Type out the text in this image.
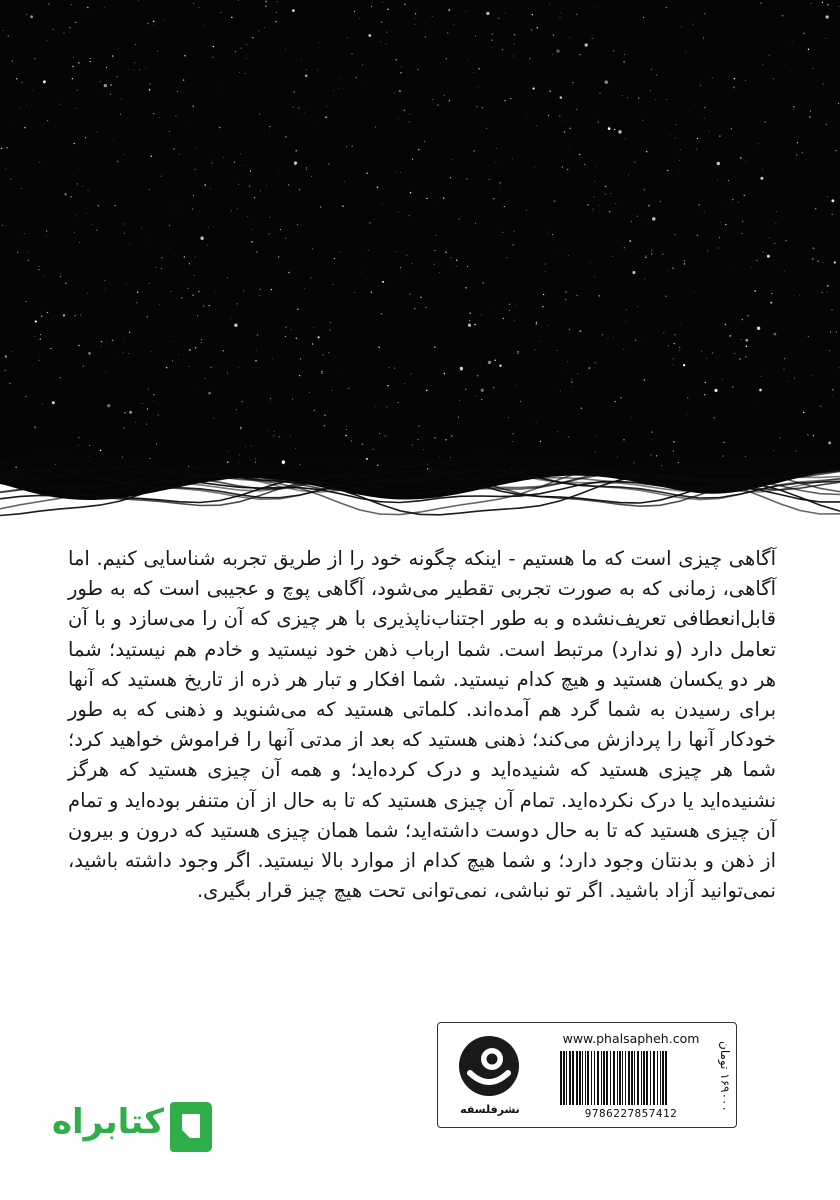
آگاهی چیزی است که ما هستیم - اینکه چگونه خود را از طریق تجربه شناسایی کنیم. اما آگاهی، زمانی که به صورت تجربی تقطیر می‌شود، آگاهی پوچ و عجیبی است که به طور قابل‌انعطافی تعریف‌نشده و به طور اجتناب‌ناپذیری با هر چیزی که آن را می‌سازد و با آن تعامل دارد (و ندارد) مرتبط است. شما ارباب ذهن خود نیستید و خادم هم نیستید؛ شما هر دو یکسان هستید و هیچ کدام نیستید. شما افکار و تبار هر ذره از تاریخ هستید که آنها برای رسیدن به شما گرد هم آمده‌اند. کلماتی هستید که می‌شنوید و ذهنی که به طور خودکار آنها را پردازش می‌کند؛ ذهنی هستید که بعد از مدتی آنها را فراموش خواهید کرد؛ شما هر چیزی هستید که شنیده‌اید و درک کرده‌اید؛ و همه آن چیزی هستید که هرگز نشنیده‌اید یا درک نکرده‌اید. تمام آن چیزی هستید که تا به حال از آن متنفر بوده‌اید و تمام آن چیزی هستید که تا به حال دوست داشته‌اید؛ شما همان چیزی هستید که درون و بیرون از ذهن و بدنتان وجود دارد؛ و شما هیچ کدام از موارد بالا نیستید. اگر وجود داشته باشید، نمی‌توانید آزاد باشید. اگر تو نباشی، نمی‌توانی تحت هیچ چیز قرار بگیری.

نشرفلسفه
www.phalsapheh.com
9786227857412
۱۶۹۰۰۰ تومان
کتابراه
